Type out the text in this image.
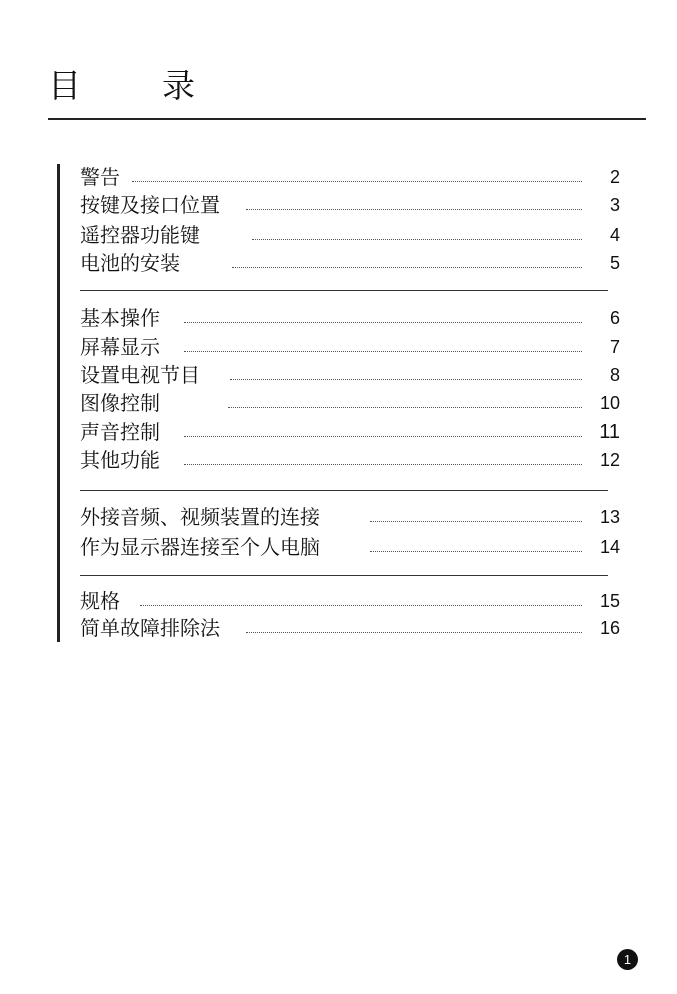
目 录
警告	2
按键及接口位置	3
遥控器功能键	4
电池的安装	5
基本操作	6
屏幕显示	7
设置电视节目	8
图像控制	10
声音控制	11
其他功能	12
外接音频、视频装置的连接	13
作为显示器连接至个人电脑	14
规格	15
简单故障排除法	16
1
